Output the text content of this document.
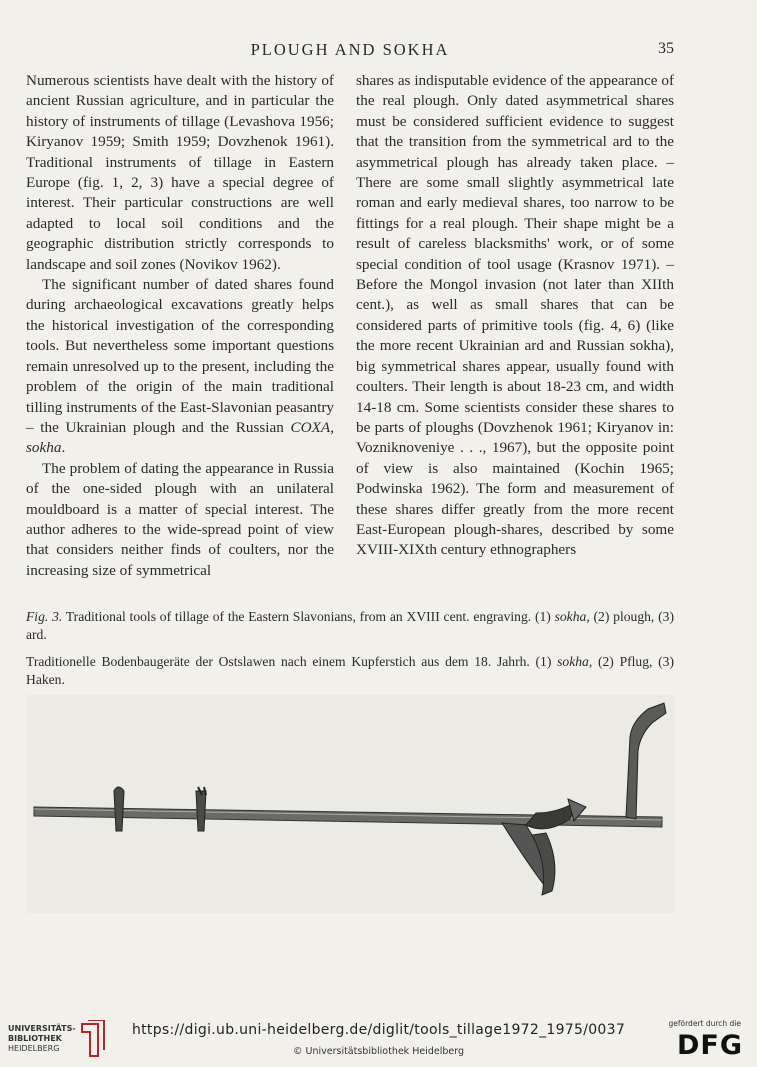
PLOUGH AND SOKHA	35

Numerous scientists have dealt with the history of ancient Russian agriculture, and in particular the history of instruments of tillage (Levashova 1956; Kiryanov 1959; Smith 1959; Dovzhenok 1961). Traditional instruments of tillage in Eastern Europe (fig. 1, 2, 3) have a special degree of interest. Their particular constructions are well adapted to local soil conditions and the geographic distribution strictly corresponds to landscape and soil zones (Novikov 1962).

The significant number of dated shares found during archaeological excavations greatly helps the historical investigation of the corresponding tools. But nevertheless some important questions remain unresolved up to the present, including the problem of the origin of the main traditional tilling instruments of the East-Slavonian peasantry – the Ukrainian plough and the Russian COXA, sokha.

The problem of dating the appearance in Russia of the one-sided plough with an unilateral mouldboard is a matter of special interest. The author adheres to the wide-spread point of view that considers neither finds of coulters, nor the increasing size of symmetrical

shares as indisputable evidence of the appearance of the real plough. Only dated asymmetrical shares must be considered sufficient evidence to suggest that the transition from the symmetrical ard to the asymmetrical plough has already taken place. – There are some small slightly asymmetrical late roman and early medieval shares, too narrow to be fittings for a real plough. Their shape might be a result of careless blacksmiths' work, or of some special condition of tool usage (Krasnov 1971). – Before the Mongol invasion (not later than XIIth cent.), as well as small shares that can be considered parts of primitive tools (fig. 4, 6) (like the more recent Ukrainian ard and Russian sokha), big symmetrical shares appear, usually found with coulters. Their length is about 18-23 cm, and width 14-18 cm. Some scientists consider these shares to be parts of ploughs (Dovzhenok 1961; Kiryanov in: Vozniknoveniye . . ., 1967), but the opposite point of view is also maintained (Kochin 1965; Podwinska 1962). The form and measurement of these shares differ greatly from the more recent East-European plough-shares, described by some XVIII-XIXth century ethnographers

Fig. 3. Traditional tools of tillage of the Eastern Slavonians, from an XVIII cent. engraving. (1) sokha, (2) plough, (3) ard.

Traditionelle Bodenbaugeräte der Ostslawen nach einem Kupferstich aus dem 18. Jahrh. (1) sokha, (2) Pflug, (3) Haken.

UNIVERSITÄTS-
BIBLIOTHEK
HEIDELBERG
https://digi.ub.uni-heidelberg.de/diglit/tools_tillage1972_1975/0037
© Universitätsbibliothek Heidelberg
gefördert durch die
DFG
